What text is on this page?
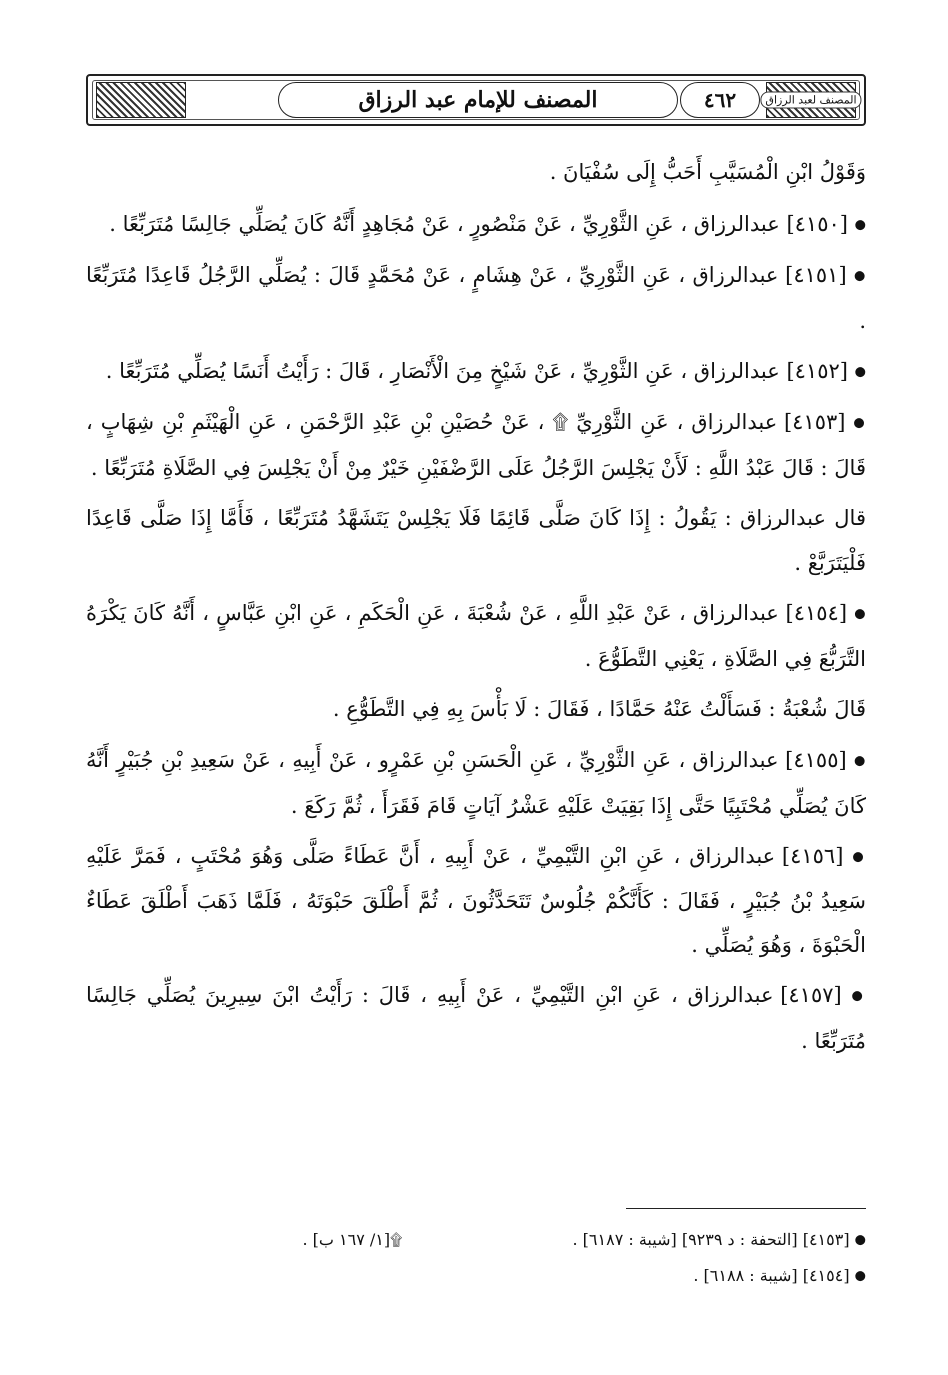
المصنف لعبد الرزاق
٤٦٢
المصنف للإمام عبد الرزاق

وَقَوْلُ ابْنِ الْمُسَيَّبِ أَحَبُّ إِلَى سُفْيَانَ .

● [٤١٥٠] عبدالرزاق ، عَنِ الثَّوْرِيِّ ، عَنْ مَنْصُورٍ ، عَنْ مُجَاهِدٍ أَنَّهُ كَانَ يُصَلِّي جَالِسًا مُتَرَبِّعًا .

● [٤١٥١] عبدالرزاق ، عَنِ الثَّوْرِيِّ ، عَنْ هِشَامٍ ، عَنْ مُحَمَّدٍ قَالَ : يُصَلِّي الرَّجُلُ قَاعِدًا مُتَرَبِّعًا .

● [٤١٥٢] عبدالرزاق ، عَنِ الثَّوْرِيِّ ، عَنْ شَيْخٍ مِنَ الْأَنْصَارِ ، قَالَ : رَأَيْتُ أَنَسًا يُصَلِّي مُتَرَبِّعًا .

● [٤١٥٣] عبدالرزاق ، عَنِ الثَّوْرِيِّ ۩ ، عَنْ حُصَيْنِ بْنِ عَبْدِ الرَّحْمَنِ ، عَنِ الْهَيْثَمِ بْنِ شِهَابٍ ، قَالَ : قَالَ عَبْدُ اللَّهِ : لَأَنْ يَجْلِسَ الرَّجُلُ عَلَى الرَّضْفَيْنِ خَيْرٌ مِنْ أَنْ يَجْلِسَ فِي الصَّلَاةِ مُتَرَبِّعًا .

قال عبدالرزاق : يَقُولُ : إِذَا كَانَ صَلَّى قَائِمًا فَلَا يَجْلِسْ يَتَشَهَّدُ مُتَرَبِّعًا ، فَأَمَّا إِذَا صَلَّى قَاعِدًا فَلْيَتَرَبَّعْ .

● [٤١٥٤] عبدالرزاق ، عَنْ عَبْدِ اللَّهِ ، عَنْ شُعْبَةَ ، عَنِ الْحَكَمِ ، عَنِ ابْنِ عَبَّاسٍ ، أَنَّهُ كَانَ يَكْرَهُ التَّرَبُّعَ فِي الصَّلَاةِ ، يَعْنِي التَّطَوُّعَ .

قَالَ شُعْبَةُ : فَسَأَلْتُ عَنْهُ حَمَّادًا ، فَقَالَ : لَا بَأْسَ بِهِ فِي التَّطَوُّعِ .

● [٤١٥٥] عبدالرزاق ، عَنِ الثَّوْرِيِّ ، عَنِ الْحَسَنِ بْنِ عَمْرٍو ، عَنْ أَبِيهِ ، عَنْ سَعِيدِ بْنِ جُبَيْرٍ أَنَّهُ كَانَ يُصَلِّي مُحْتَبِيًا حَتَّى إِذَا بَقِيَتْ عَلَيْهِ عَشْرُ آيَاتٍ قَامَ فَقَرَأَ ، ثُمَّ رَكَعَ .

● [٤١٥٦] عبدالرزاق ، عَنِ ابْنِ التَّيْمِيِّ ، عَنْ أَبِيهِ ، أَنَّ عَطَاءً صَلَّى وَهُوَ مُحْتَبٍ ، فَمَرَّ عَلَيْهِ سَعِيدُ بْنُ جُبَيْرٍ ، فَقَالَ : كَأَنَّكُمْ جُلُوسٌ تَتَحَدَّثُونَ ، ثُمَّ أَطْلَقَ حَبْوَتَهُ ، فَلَمَّا ذَهَبَ أَطْلَقَ عَطَاءٌ الْحَبْوَةَ ، وَهُوَ يُصَلِّي .

● [٤١٥٧] عبدالرزاق ، عَنِ ابْنِ التَّيْمِيِّ ، عَنْ أَبِيهِ ، قَالَ : رَأَيْتُ ابْنَ سِيرِينَ يُصَلِّي جَالِسًا مُتَرَبِّعًا .

● [٤١٥٣] [التحفة : د ٩٢٣٩] [شيبة : ٦١٨٧] .  ۩[١/ ١٦٧ ب] .
● [٤١٥٤] [شيبة : ٦١٨٨] .
